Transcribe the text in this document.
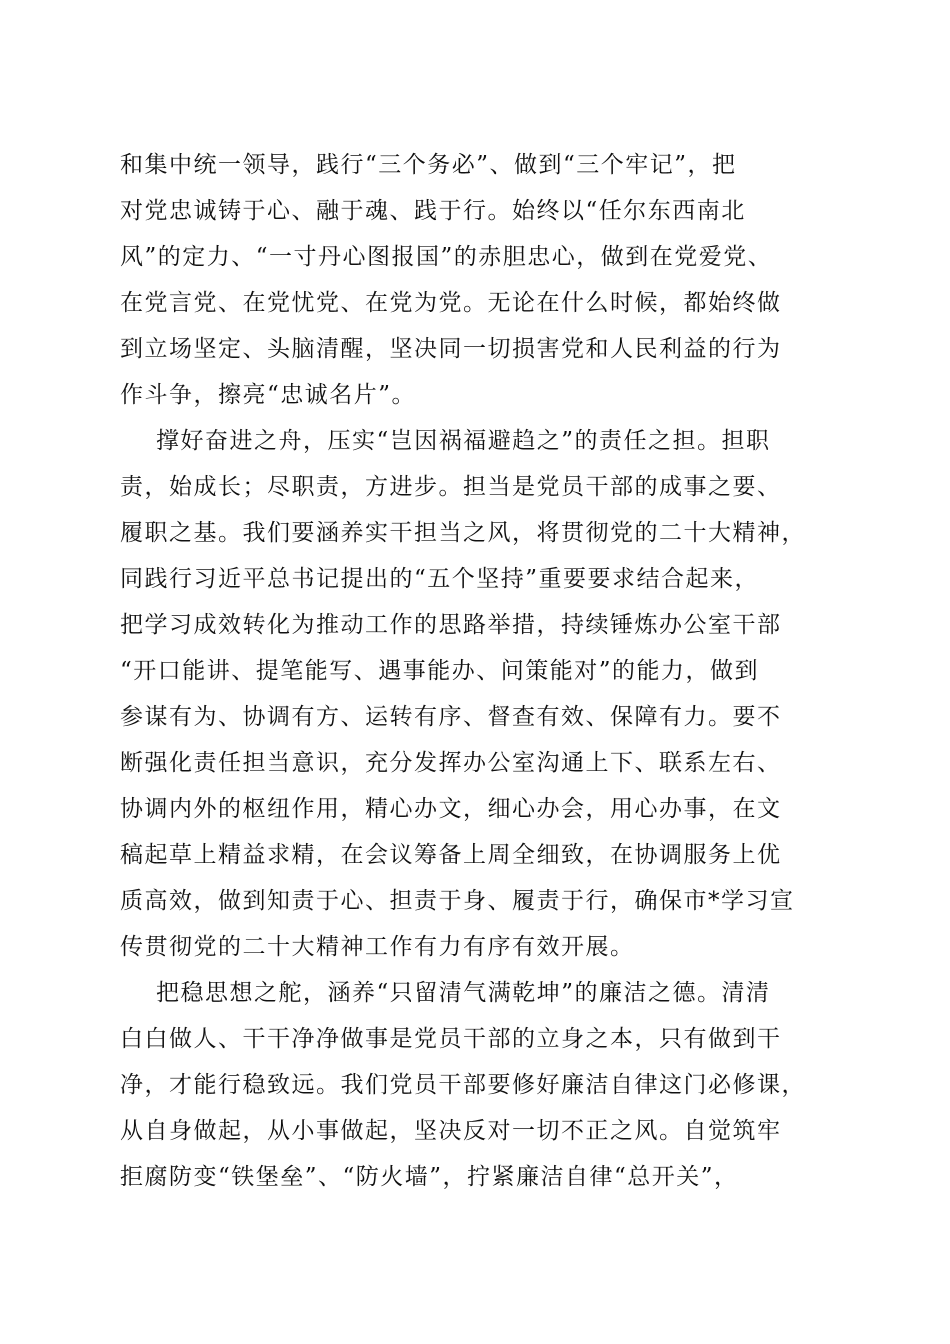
和集中统一领导，践行“三个务必”、做到“三个牢记”，把
对党忠诚铸于心、融于魂、践于行。始终以“任尔东西南北
风”的定力、“一寸丹心图报国”的赤胆忠心，做到在党爱党、
在党言党、在党忧党、在党为党。无论在什么时候，都始终做
到立场坚定、头脑清醒，坚决同一切损害党和人民利益的行为
作斗争，擦亮“忠诚名片”。

撑好奋进之舟，压实“岂因祸福避趋之”的责任之担。担职
责，始成长；尽职责，方进步。担当是党员干部的成事之要、
履职之基。我们要涵养实干担当之风，将贯彻党的二十大精神，
同践行习近平总书记提出的“五个坚持”重要要求结合起来，
把学习成效转化为推动工作的思路举措，持续锤炼办公室干部
“开口能讲、提笔能写、遇事能办、问策能对”的能力，做到
参谋有为、协调有方、运转有序、督查有效、保障有力。要不
断强化责任担当意识，充分发挥办公室沟通上下、联系左右、
协调内外的枢纽作用，精心办文，细心办会，用心办事，在文
稿起草上精益求精，在会议筹备上周全细致，在协调服务上优
质高效，做到知责于心、担责于身、履责于行，确保市*学习宣
传贯彻党的二十大精神工作有力有序有效开展。

把稳思想之舵，涵养“只留清气满乾坤”的廉洁之德。清清
白白做人、干干净净做事是党员干部的立身之本，只有做到干
净，才能行稳致远。我们党员干部要修好廉洁自律这门必修课，
从自身做起，从小事做起，坚决反对一切不正之风。自觉筑牢
拒腐防变“铁堡垒”、“防火墙”，拧紧廉洁自律“总开关”，
